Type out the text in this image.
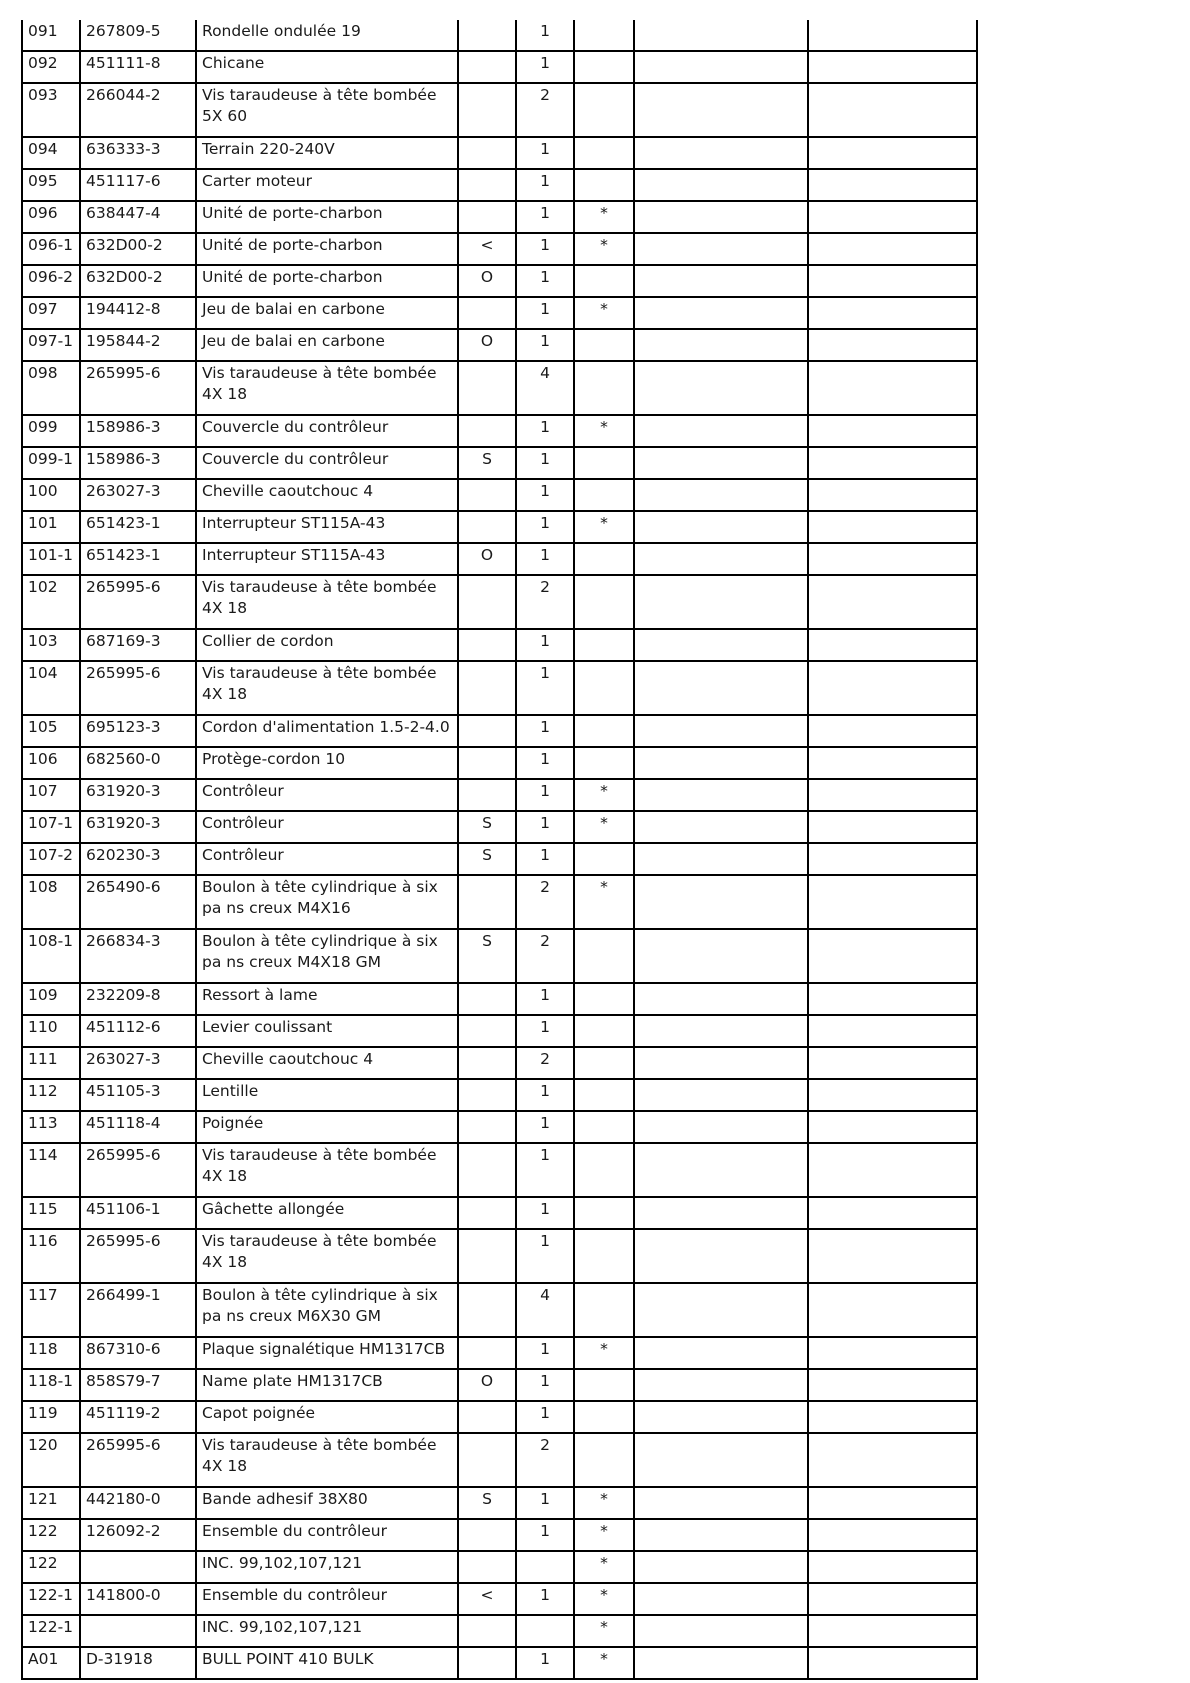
091	267809-5	Rondelle ondulée 19		1			
092	451111-8	Chicane		1			
093	266044-2	Vis taraudeuse à tête bombée 5X 60		2			
094	636333-3	Terrain 220-240V		1			
095	451117-6	Carter moteur		1			
096	638447-4	Unité de porte-charbon		1	*		
096-1	632D00-2	Unité de porte-charbon	<	1	*		
096-2	632D00-2	Unité de porte-charbon	O	1			
097	194412-8	Jeu de balai en carbone		1	*		
097-1	195844-2	Jeu de balai en carbone	O	1			
098	265995-6	Vis taraudeuse à tête bombée 4X 18		4			
099	158986-3	Couvercle du contrôleur		1	*		
099-1	158986-3	Couvercle du contrôleur	S	1			
100	263027-3	Cheville caoutchouc 4		1			
101	651423-1	Interrupteur ST115A-43		1	*		
101-1	651423-1	Interrupteur ST115A-43	O	1			
102	265995-6	Vis taraudeuse à tête bombée 4X 18		2			
103	687169-3	Collier de cordon		1			
104	265995-6	Vis taraudeuse à tête bombée 4X 18		1			
105	695123-3	Cordon d'alimentation 1.5-2-4.0		1			
106	682560-0	Protège-cordon 10		1			
107	631920-3	Contrôleur		1	*		
107-1	631920-3	Contrôleur	S	1	*		
107-2	620230-3	Contrôleur	S	1			
108	265490-6	Boulon à tête cylindrique à six pa ns creux M4X16		2	*		
108-1	266834-3	Boulon à tête cylindrique à six pa ns creux M4X18 GM	S	2			
109	232209-8	Ressort à lame		1			
110	451112-6	Levier coulissant		1			
111	263027-3	Cheville caoutchouc 4		2			
112	451105-3	Lentille		1			
113	451118-4	Poignée		1			
114	265995-6	Vis taraudeuse à tête bombée 4X 18		1			
115	451106-1	Gâchette allongée		1			
116	265995-6	Vis taraudeuse à tête bombée 4X 18		1			
117	266499-1	Boulon à tête cylindrique à six pa ns creux M6X30 GM		4			
118	867310-6	Plaque signalétique HM1317CB		1	*		
118-1	858S79-7	Name plate HM1317CB	O	1			
119	451119-2	Capot poignée		1			
120	265995-6	Vis taraudeuse à tête bombée 4X 18		2			
121	442180-0	Bande adhesif 38X80	S	1	*		
122	126092-2	Ensemble du contrôleur		1	*		
122		INC. 99,102,107,121			*		
122-1	141800-0	Ensemble du contrôleur	<	1	*		
122-1		INC. 99,102,107,121			*		
A01	D-31918	BULL POINT 410 BULK		1	*		
